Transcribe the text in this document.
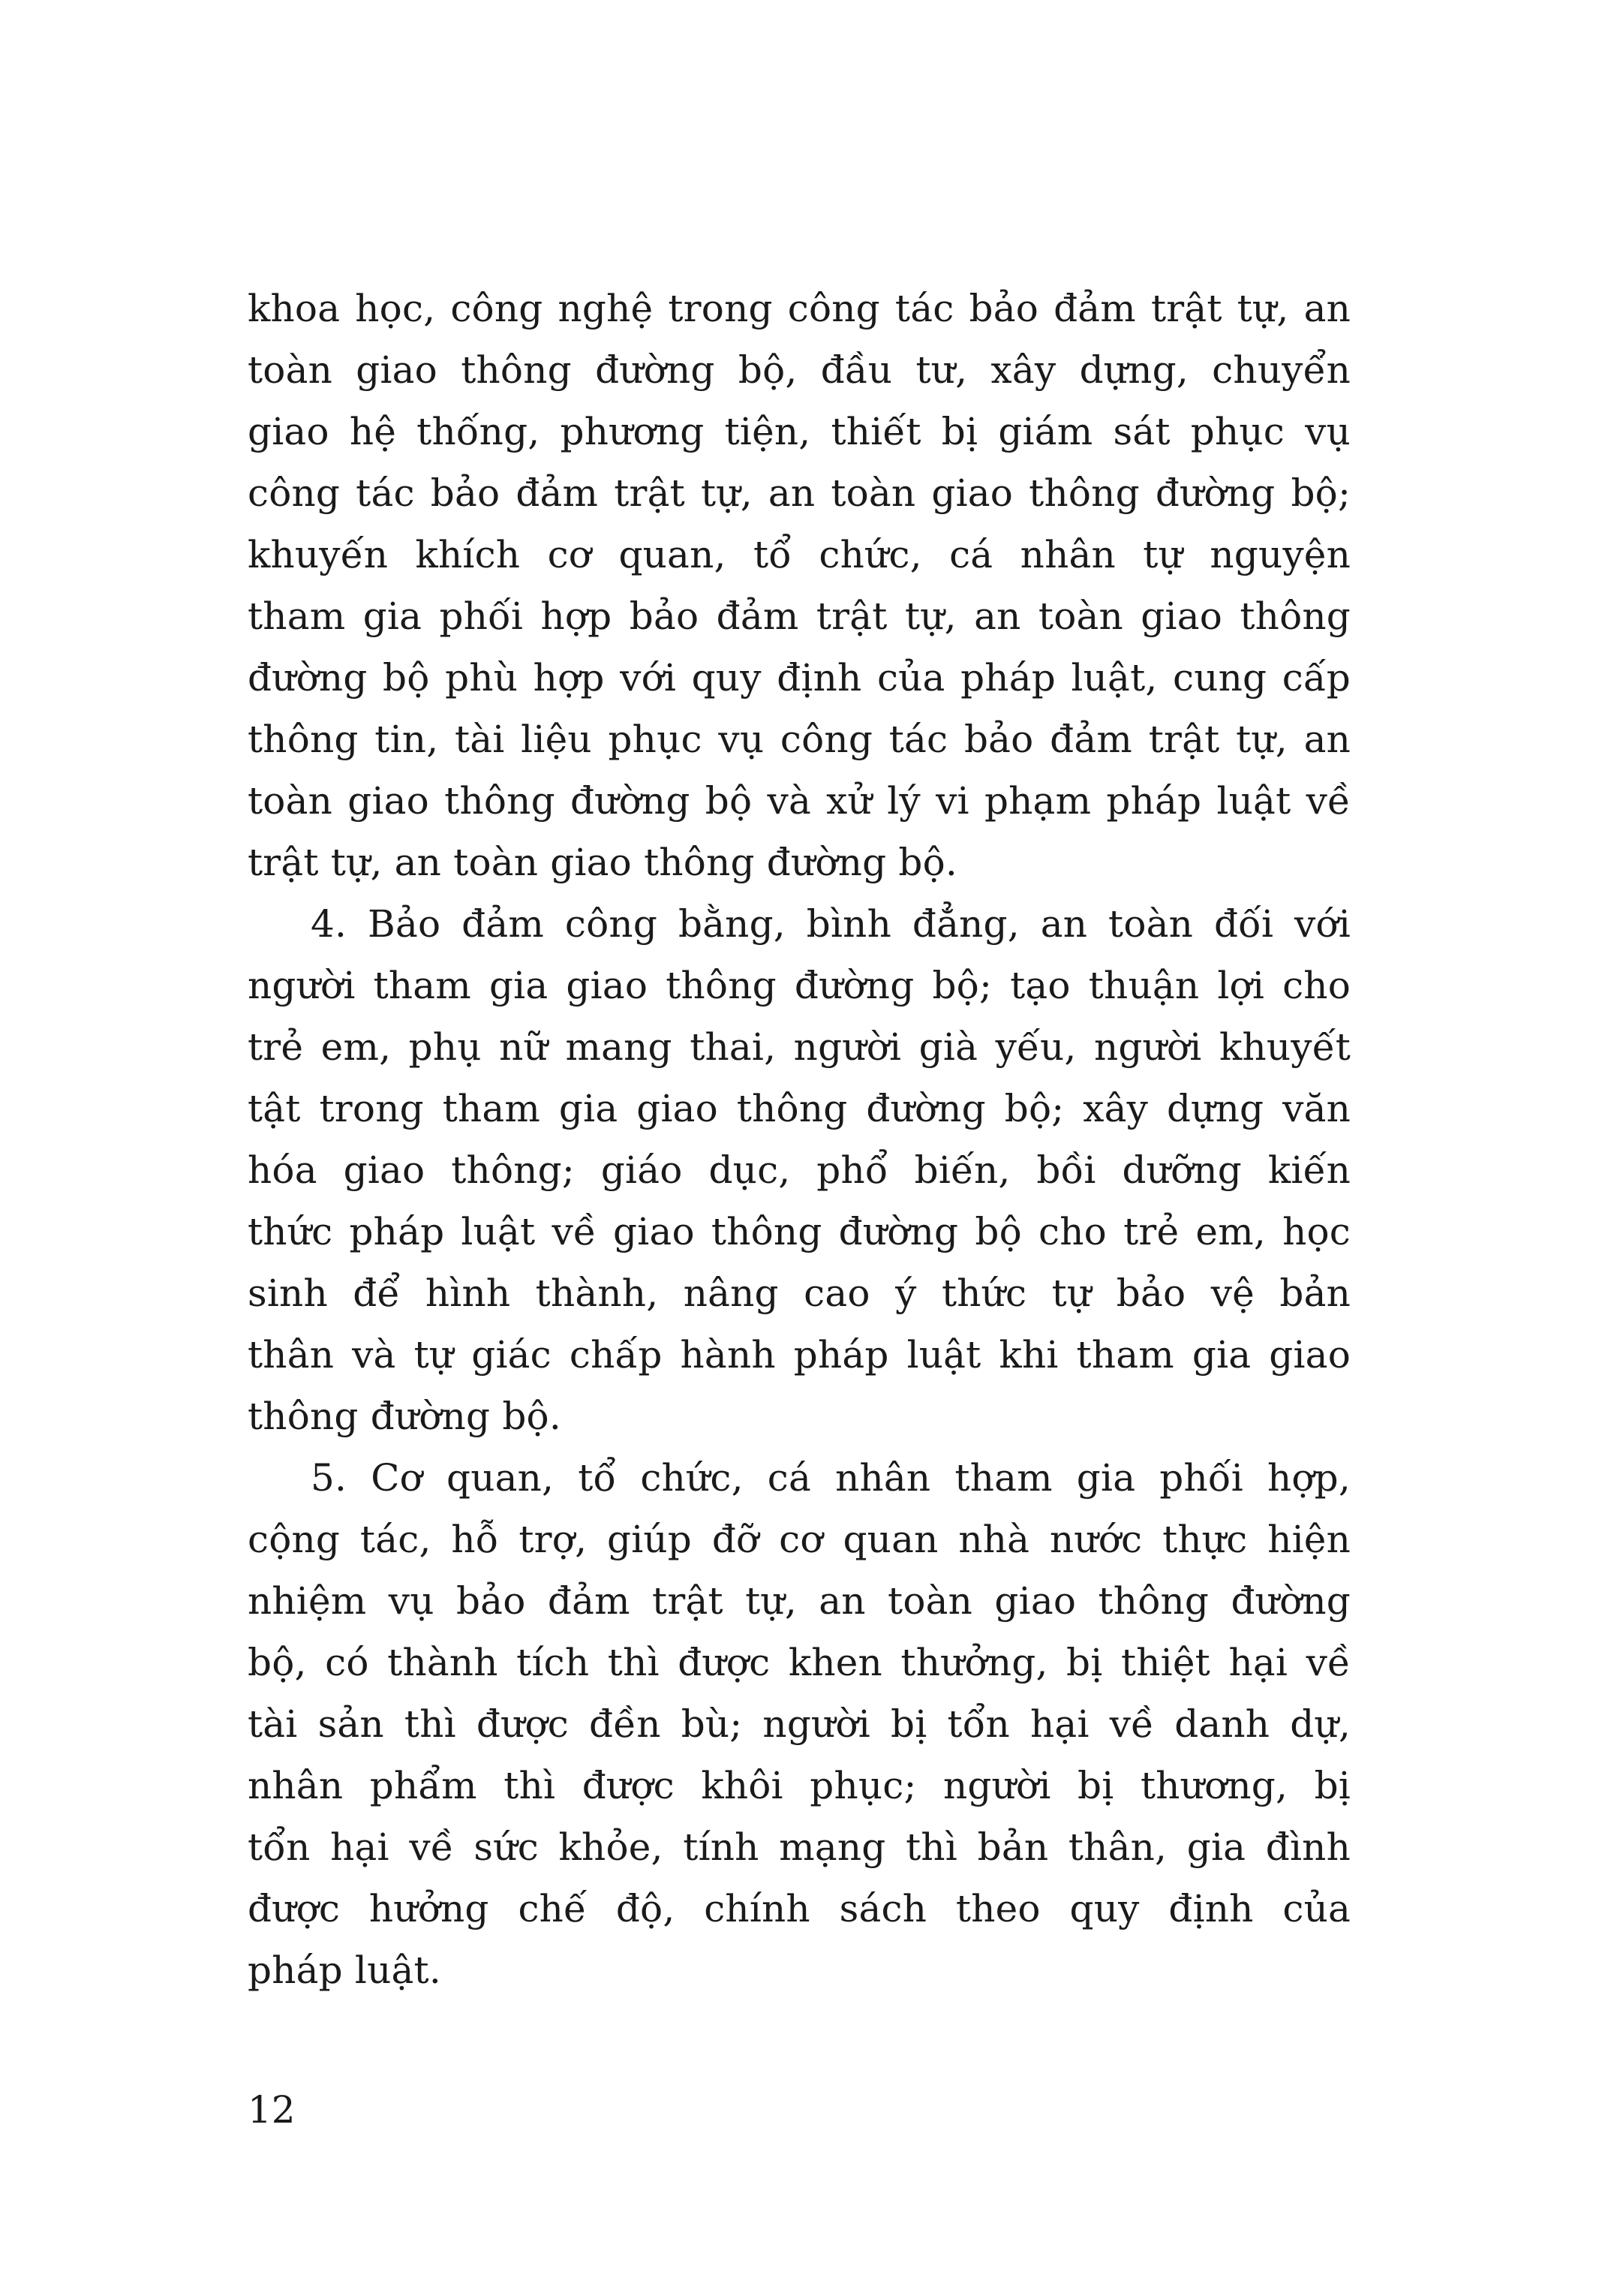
khoa học, công nghệ trong công tác bảo đảm trật tự, an
toàn giao thông đường bộ, đầu tư, xây dựng, chuyển
giao hệ thống, phương tiện, thiết bị giám sát phục vụ
công tác bảo đảm trật tự, an toàn giao thông đường bộ;
khuyến khích cơ quan, tổ chức, cá nhân tự nguyện
tham gia phối hợp bảo đảm trật tự, an toàn giao thông
đường bộ phù hợp với quy định của pháp luật, cung cấp
thông tin, tài liệu phục vụ công tác bảo đảm trật tự, an
toàn giao thông đường bộ và xử lý vi phạm pháp luật về
trật tự, an toàn giao thông đường bộ.
4. Bảo đảm công bằng, bình đẳng, an toàn đối với
người tham gia giao thông đường bộ; tạo thuận lợi cho
trẻ em, phụ nữ mang thai, người già yếu, người khuyết
tật trong tham gia giao thông đường bộ; xây dựng văn
hóa giao thông; giáo dục, phổ biến, bồi dưỡng kiến
thức pháp luật về giao thông đường bộ cho trẻ em, học
sinh để hình thành, nâng cao ý thức tự bảo vệ bản
thân và tự giác chấp hành pháp luật khi tham gia giao
thông đường bộ.
5. Cơ quan, tổ chức, cá nhân tham gia phối hợp,
cộng tác, hỗ trợ, giúp đỡ cơ quan nhà nước thực hiện
nhiệm vụ bảo đảm trật tự, an toàn giao thông đường
bộ, có thành tích thì được khen thưởng, bị thiệt hại về
tài sản thì được đền bù; người bị tổn hại về danh dự,
nhân phẩm thì được khôi phục; người bị thương, bị
tổn hại về sức khỏe, tính mạng thì bản thân, gia đình
được hưởng chế độ, chính sách theo quy định của
pháp luật.
12
